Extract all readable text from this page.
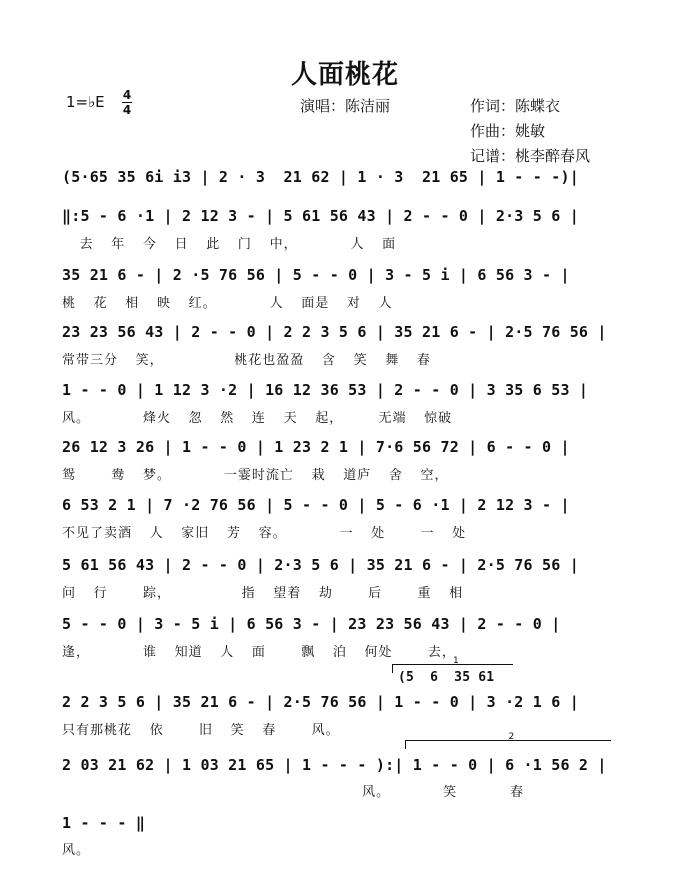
人面桃花
1=♭E 4
4	演唱：陈洁丽	作词：陈蝶衣
作曲：姚敏
记谱：桃李醉春风
(5·65 35 6i i3 | 2 · 3  21 62 | 1 · 3  21 65 | 1 - - -)|
‖:5 - 6 ·1 | 2 12 3 - | 5 61 56 43 | 2 - - 0 | 2·3 5 6 |
去  年  今  日  此  门  中，      人  面
35 21 6 - | 2 ·5 76 56 | 5 - - 0 | 3 - 5 i | 6 56 3 - |
桃  花  相  映  红。      人  面是  对  人
23 23 56 43 | 2 - - 0 | 2 2 3 5 6 | 35 21 6 - | 2·5 76 56 |
常带三分  笑，        桃花也盈盈  含  笑  舞  春
1 - - 0 | 1 12 3 ·2 | 16 12 36 53 | 2 - - 0 | 3 35 6 53 |
风。      烽火  忽  然  连  天  起，    无端  惊破
26 12 3 26 | 1 - - 0 | 1 23 2 1 | 7·6 56 72 | 6 - - 0 |
鸳    鸯  梦。      一霎时流亡  栽  道庐  舍  空，
6 53 2 1 | 7 ·2 76 56 | 5 - - 0 | 5 - 6 ·1 | 2 12 3 - |
不见了卖酒  人  家旧  芳  容。      一  处    一  处
5 61 56 43 | 2 - - 0 | 2·3 5 6 | 35 21 6 - | 2·5 76 56 |
问  行    踪，        指  望着  劫    后    重  相
5 - - 0 | 3 - 5 i | 6 56 3 - | 23 23 56 43 | 2 - - 0 |
逢，      谁  知道  人  面    飘  泊  何处    去，
1
(5  6  35 61
2 2 3 5 6 | 35 21 6 - | 2·5 76 56 | 1 - - 0 | 3 ·2 1 6 |
只有那桃花  依    旧  笑  春    风。	2
2 03 21 62 | 1 03 21 65 | 1 - - - ):| 1 - - 0 | 6 ·1 56 2 |
风。      笑      春
1 - - - ‖
风。
